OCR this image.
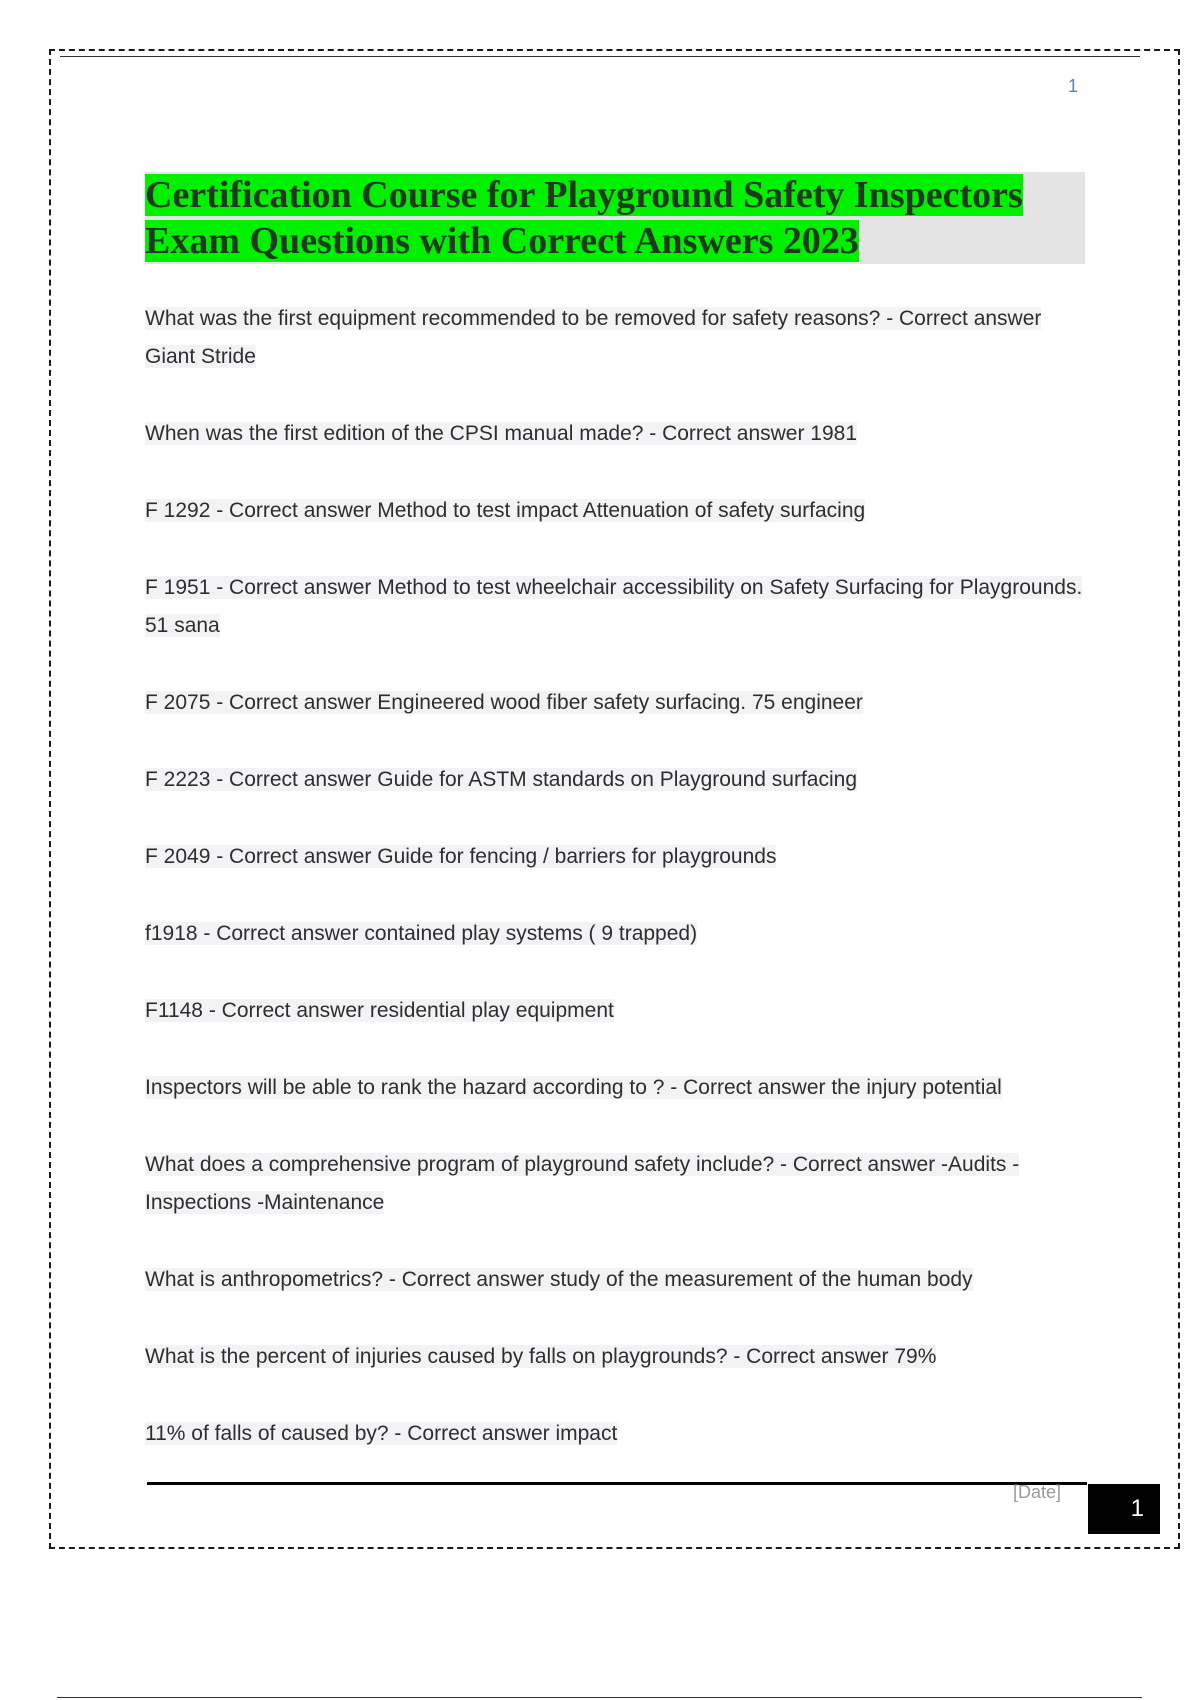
1
Certification Course for Playground Safety Inspectors
Exam Questions with Correct Answers 2023
What was the first equipment recommended to be removed for safety reasons? - Correct answer Giant Stride
When was the first edition of the CPSI manual made? - Correct answer 1981
F 1292 - Correct answer Method to test impact Attenuation of safety surfacing
F 1951 - Correct answer Method to test wheelchair accessibility on Safety Surfacing for Playgrounds. 51 sana
F 2075 - Correct answer Engineered wood fiber safety surfacing. 75 engineer
F 2223 - Correct answer Guide for ASTM standards on Playground surfacing
F 2049 - Correct answer Guide for fencing / barriers for playgrounds
f1918 - Correct answer contained play systems ( 9 trapped)
F1148 - Correct answer residential play equipment
Inspectors will be able to rank the hazard according to ? - Correct answer the injury potential
What does a comprehensive program of playground safety include? - Correct answer -Audits -Inspections -Maintenance
What is anthropometrics? - Correct answer study of the measurement of the human body
What is the percent of injuries caused by falls on playgrounds? - Correct answer 79%
11% of falls of caused by? - Correct answer impact
[Date]
1
